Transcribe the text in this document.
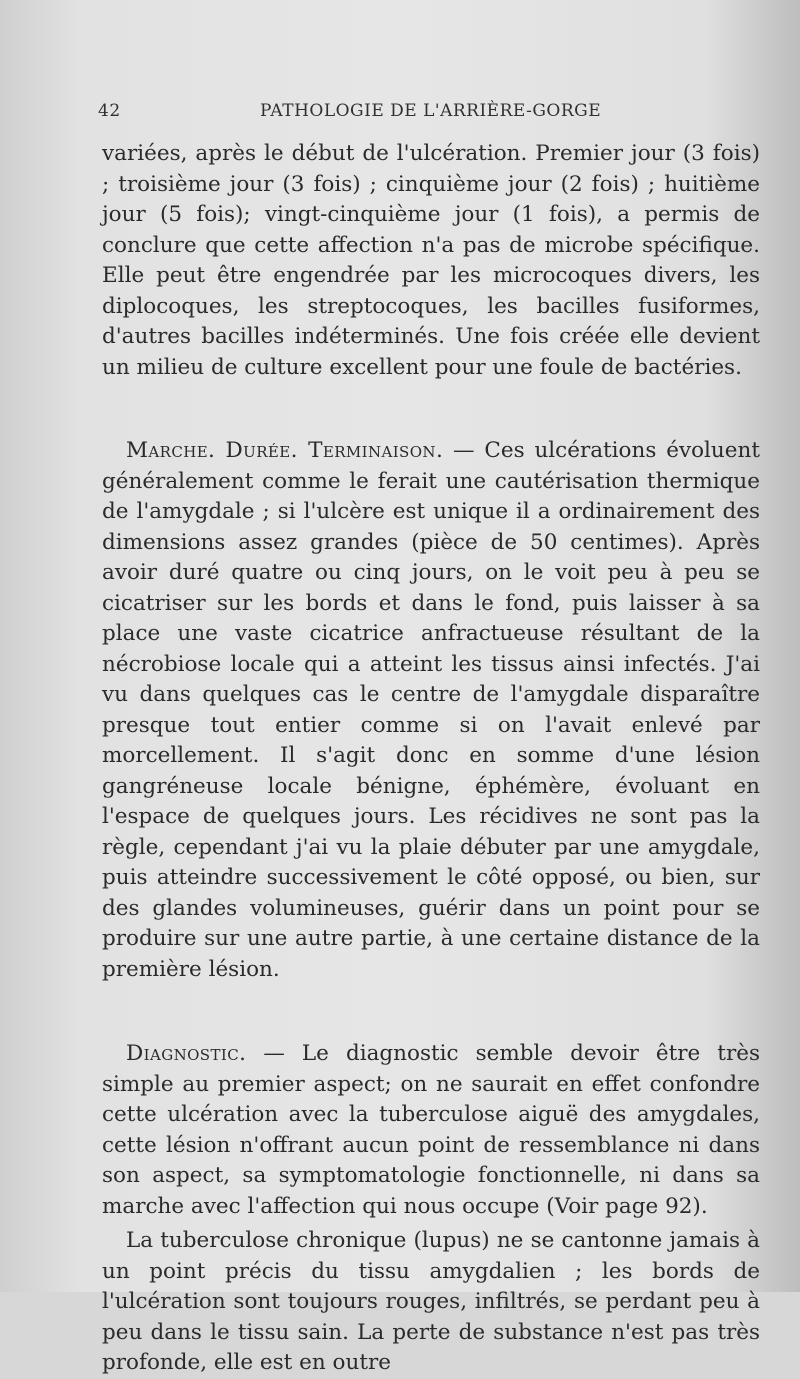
42	PATHOLOGIE DE L'ARRIÈRE-GORGE

variées, après le début de l'ulcération. Premier jour (3 fois) ; troisième jour (3 fois) ; cinquième jour (2 fois) ; huitième jour (5 fois); vingt-cinquième jour (1 fois), a permis de conclure que cette affection n'a pas de microbe spécifique. Elle peut être engendrée par les microcoques divers, les diplocoques, les streptocoques, les bacilles fusiformes, d'autres bacilles indéterminés. Une fois créée elle devient un milieu de culture excellent pour une foule de bactéries.

Marche. Durée. Terminaison. — Ces ulcérations évoluent généralement comme le ferait une cautérisation thermique de l'amygdale ; si l'ulcère est unique il a ordinairement des dimensions assez grandes (pièce de 50 centimes). Après avoir duré quatre ou cinq jours, on le voit peu à peu se cicatriser sur les bords et dans le fond, puis laisser à sa place une vaste cicatrice anfractueuse résultant de la nécrobiose locale qui a atteint les tissus ainsi infectés. J'ai vu dans quelques cas le centre de l'amygdale disparaître presque tout entier comme si on l'avait enlevé par morcellement. Il s'agit donc en somme d'une lésion gangréneuse locale bénigne, éphémère, évoluant en l'espace de quelques jours. Les récidives ne sont pas la règle, cependant j'ai vu la plaie débuter par une amygdale, puis atteindre successivement le côté opposé, ou bien, sur des glandes volumineuses, guérir dans un point pour se produire sur une autre partie, à une certaine distance de la première lésion.

Diagnostic. — Le diagnostic semble devoir être très simple au premier aspect; on ne saurait en effet confondre cette ulcération avec la tuberculose aiguë des amygdales, cette lésion n'offrant aucun point de ressemblance ni dans son aspect, sa symptomatologie fonctionnelle, ni dans sa marche avec l'affection qui nous occupe (Voir page 92).

La tuberculose chronique (lupus) ne se cantonne jamais à un point précis du tissu amygdalien ; les bords de l'ulcération sont toujours rouges, infiltrés, se perdant peu à peu dans le tissu sain. La perte de substance n'est pas très profonde, elle est en outre
